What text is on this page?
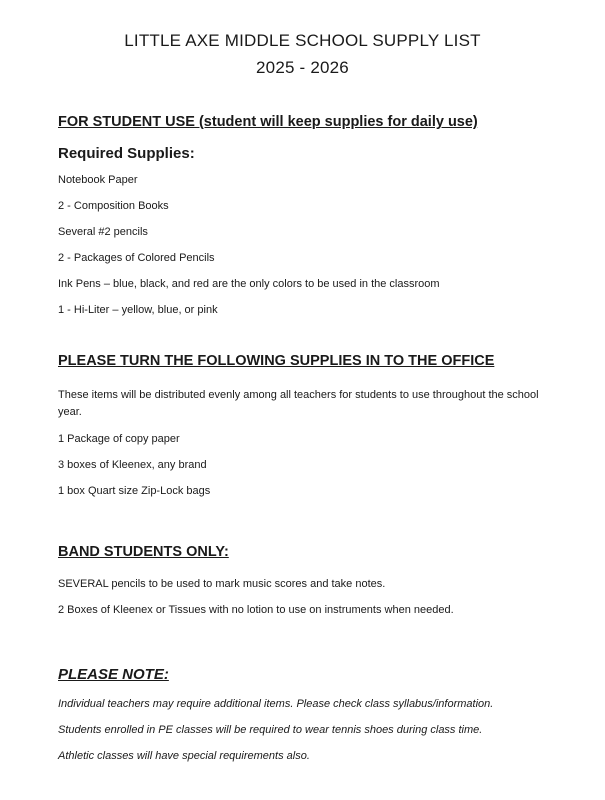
LITTLE AXE MIDDLE SCHOOL SUPPLY LIST
2025 - 2026
FOR STUDENT USE (student will keep supplies for daily use)
Required Supplies:
Notebook Paper
2 - Composition Books
Several #2 pencils
2 - Packages of Colored Pencils
Ink Pens – blue, black, and red are the only colors to be used in the classroom
1 - Hi-Liter – yellow, blue, or pink
PLEASE TURN THE FOLLOWING SUPPLIES IN TO THE OFFICE
These items will be distributed evenly among all teachers for students to use throughout the school year.
1 Package of copy paper
3 boxes of Kleenex, any brand
1 box Quart size Zip-Lock bags
BAND STUDENTS ONLY:
SEVERAL pencils to be used to mark music scores and take notes.
2 Boxes of Kleenex or Tissues with no lotion to use on instruments when needed.
PLEASE NOTE:
Individual teachers may require additional items. Please check class syllabus/information.
Students enrolled in PE classes will be required to wear tennis shoes during class time.
Athletic classes will have special requirements also.
